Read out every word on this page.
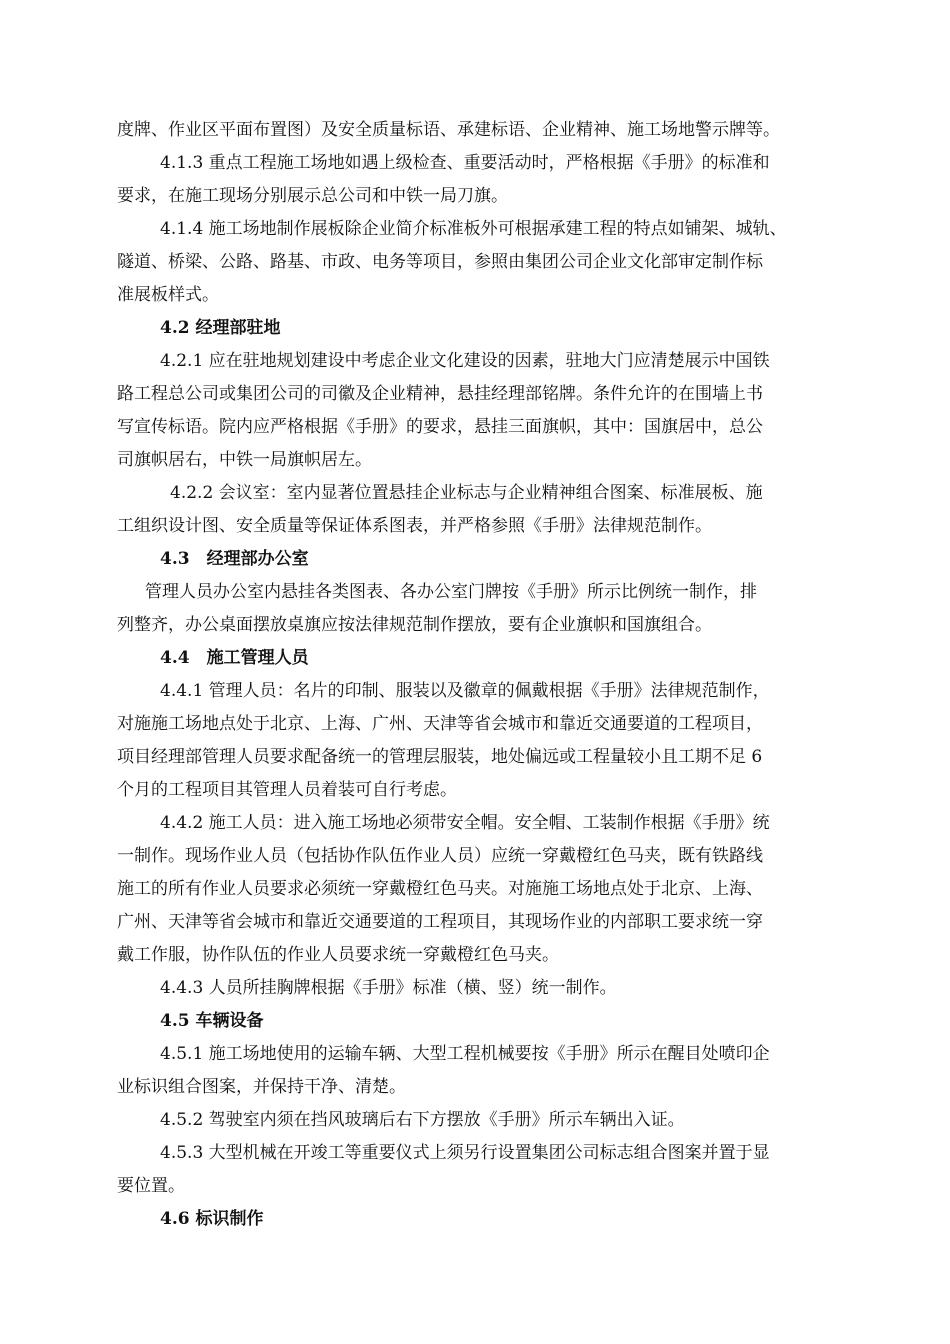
度牌、作业区平面布置图）及安全质量标语、承建标语、企业精神、施工场地警示牌等。
4.1.3 重点工程施工场地如遇上级检查、重要活动时，严格根据《手册》的标准和
要求，在施工现场分别展示总公司和中铁一局刀旗。
4.1.4 施工场地制作展板除企业简介标准板外可根据承建工程的特点如铺架、城轨、
隧道、桥梁、公路、路基、市政、电务等项目，参照由集团公司企业文化部审定制作标
准展板样式。
4.2 经理部驻地
4.2.1 应在驻地规划建设中考虑企业文化建设的因素，驻地大门应清楚展示中国铁
路工程总公司或集团公司的司徽及企业精神，悬挂经理部铭牌。条件允许的在围墙上书
写宣传标语。院内应严格根据《手册》的要求，悬挂三面旗帜，其中：国旗居中，总公
司旗帜居右，中铁一局旗帜居左。
4.2.2 会议室：室内显著位置悬挂企业标志与企业精神组合图案、标准展板、施
工组织设计图、安全质量等保证体系图表，并严格参照《手册》法律规范制作。
4.3　经理部办公室
管理人员办公室内悬挂各类图表、各办公室门牌按《手册》所示比例统一制作，排
列整齐，办公桌面摆放桌旗应按法律规范制作摆放，要有企业旗帜和国旗组合。
4.4　施工管理人员
4.4.1 管理人员：名片的印制、服装以及徽章的佩戴根据《手册》法律规范制作，
对施施工场地点处于北京、上海、广州、天津等省会城市和靠近交通要道的工程项目，
项目经理部管理人员要求配备统一的管理层服装，地处偏远或工程量较小且工期不足 6
个月的工程项目其管理人员着装可自行考虑。
4.4.2 施工人员：进入施工场地必须带安全帽。安全帽、工装制作根据《手册》统
一制作。现场作业人员（包括协作队伍作业人员）应统一穿戴橙红色马夹，既有铁路线
施工的所有作业人员要求必须统一穿戴橙红色马夹。对施施工场地点处于北京、上海、
广州、天津等省会城市和靠近交通要道的工程项目，其现场作业的内部职工要求统一穿
戴工作服，协作队伍的作业人员要求统一穿戴橙红色马夹。
4.4.3 人员所挂胸牌根据《手册》标准（横、竖）统一制作。
4.5 车辆设备
4.5.1 施工场地使用的运输车辆、大型工程机械要按《手册》所示在醒目处喷印企
业标识组合图案，并保持干净、清楚。
4.5.2 驾驶室内须在挡风玻璃后右下方摆放《手册》所示车辆出入证。
4.5.3 大型机械在开竣工等重要仪式上须另行设置集团公司标志组合图案并置于显
要位置。
4.6 标识制作
